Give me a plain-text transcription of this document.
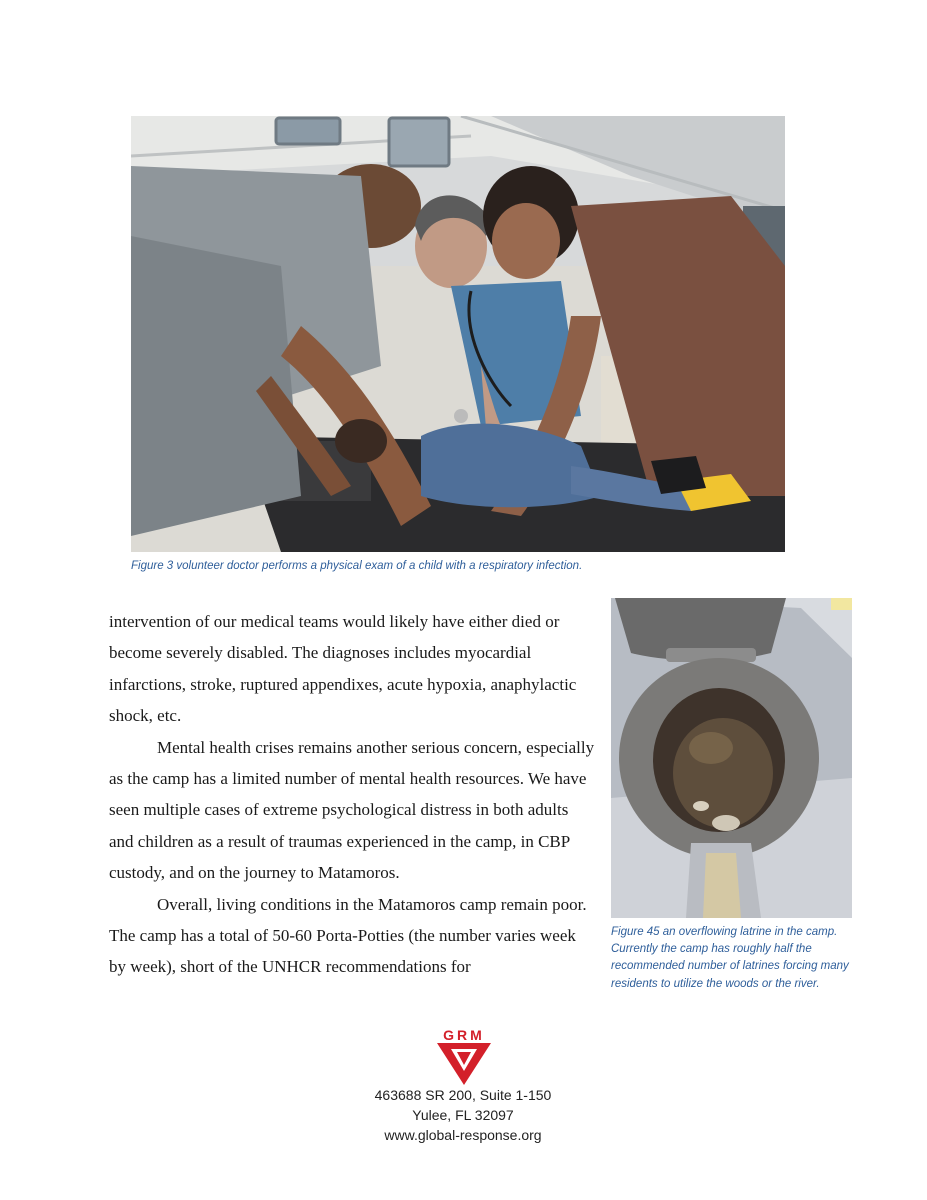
Figure 3 volunteer doctor performs a physical exam of a child with a respiratory infection.

intervention of our medical teams would likely have either died or become severely disabled. The diagnoses includes myocardial infarctions, stroke, ruptured appendixes, acute hypoxia, anaphylactic shock, etc.

Mental health crises remains another serious concern, especially as the camp has a limited number of mental health resources. We have seen multiple cases of extreme psychological distress in both adults and children as a result of traumas experienced in the camp, in CBP custody, and on the journey to Matamoros.

Overall, living conditions in the Matamoros camp remain poor. The camp has a total of 50-60 Porta-Potties (the number varies week by week), short of the UNHCR recommendations for

Figure 45 an overflowing latrine in the camp. Currently the camp has roughly half the recommended number of latrines forcing many residents to utilize the woods or the river.
GRM
463688 SR 200, Suite 1-150
Yulee, FL 32097
www.global-response.org
